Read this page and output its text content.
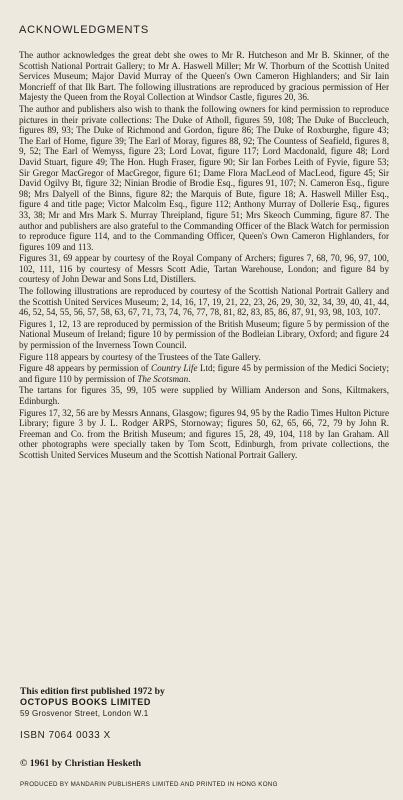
ACKNOWLEDGMENTS

The author acknowledges the great debt she owes to Mr R. Hutcheson and Mr B. Skinner, of the Scottish National Portrait Gallery; to Mr A. Haswell Miller; Mr W. Thorburn of the Scottish United Services Museum; Major David Murray of the Queen's Own Cameron Highlanders; and Sir Iain Moncrieff of that Ilk Bart. The following illustrations are reproduced by gracious permission of Her Majesty the Queen from the Royal Collection at Windsor Castle, figures 20, 36.

The author and publishers also wish to thank the following owners for kind permission to reproduce pictures in their private collections: The Duke of Atholl, figures 59, 108; The Duke of Buccleuch, figures 89, 93; The Duke of Richmond and Gordon, figure 86; The Duke of Roxburghe, figure 43; The Earl of Home, figure 39; The Earl of Moray, figures 88, 92; The Countess of Seafield, figures 8, 9, 52; The Earl of Wemyss, figure 23; Lord Lovat, figure 117; Lord Macdonald, figure 48; Lord David Stuart, figure 49; The Hon. Hugh Fraser, figure 90; Sir Ian Forbes Leith of Fyvie, figure 53; Sir Gregor MacGregor of MacGregor, figure 61; Dame Flora MacLeod of MacLeod, figure 45; Sir David Ogilvy Bt, figure 32; Ninian Brodie of Brodie Esq., figures 91, 107; N. Cameron Esq., figure 98; Mrs Dalyell of the Binns, figure 82; the Marquis of Bute, figure 18; A. Haswell Miller Esq., figure 4 and title page; Victor Malcolm Esq., figure 112; Anthony Murray of Dollerie Esq., figures 33, 38; Mr and Mrs Mark S. Murray Threipland, figure 51; Mrs Skeoch Cumming, figure 87. The author and publishers are also grateful to the Commanding Officer of the Black Watch for permission to reproduce figure 114, and to the Commanding Officer, Queen's Own Cameron Highlanders, for figures 109 and 113.

Figures 31, 69 appear by courtesy of the Royal Company of Archers; figures 7, 68, 70, 96, 97, 100, 102, 111, 116 by courtesy of Messrs Scott Adie, Tartan Warehouse, London; and figure 84 by courtesy of John Dewar and Sons Ltd, Distillers.

The following illustrations are reproduced by courtesy of the Scottish National Portrait Gallery and the Scottish United Services Museum; 2, 14, 16, 17, 19, 21, 22, 23, 26, 29, 30, 32, 34, 39, 40, 41, 44, 46, 52, 54, 55, 56, 57, 58, 63, 67, 71, 73, 74, 76, 77, 78, 81, 82, 83, 85, 86, 87, 91, 93, 98, 103, 107.

Figures 1, 12, 13 are reproduced by permission of the British Museum; figure 5 by permission of the National Museum of Ireland; figure 10 by permission of the Bodleian Library, Oxford; and figure 24 by permission of the Inverness Town Council.

Figure 118 appears by courtesy of the Trustees of the Tate Gallery.

Figure 48 appears by permission of Country Life Ltd; figure 45 by permission of the Medici Society; and figure 110 by permission of The Scotsman.

The tartans for figures 35, 99, 105 were supplied by William Anderson and Sons, Kiltmakers, Edinburgh.

Figures 17, 32, 56 are by Messrs Annans, Glasgow; figures 94, 95 by the Radio Times Hulton Picture Library; figure 3 by J. L. Rodger ARPS, Stornoway; figures 50, 62, 65, 66, 72, 79 by John R. Freeman and Co. from the British Museum; and figures 15, 28, 49, 104, 118 by Ian Graham. All other photographs were specially taken by Tom Scott, Edinburgh, from private collections, the Scottish United Services Museum and the Scottish National Portrait Gallery.

This edition first published 1972 by
OCTOPUS BOOKS LIMITED
59 Grosvenor Street, London W.1
ISBN 7064 0033 X
© 1961 by Christian Hesketh
PRODUCED BY MANDARIN PUBLISHERS LIMITED AND PRINTED IN HONG KONG
